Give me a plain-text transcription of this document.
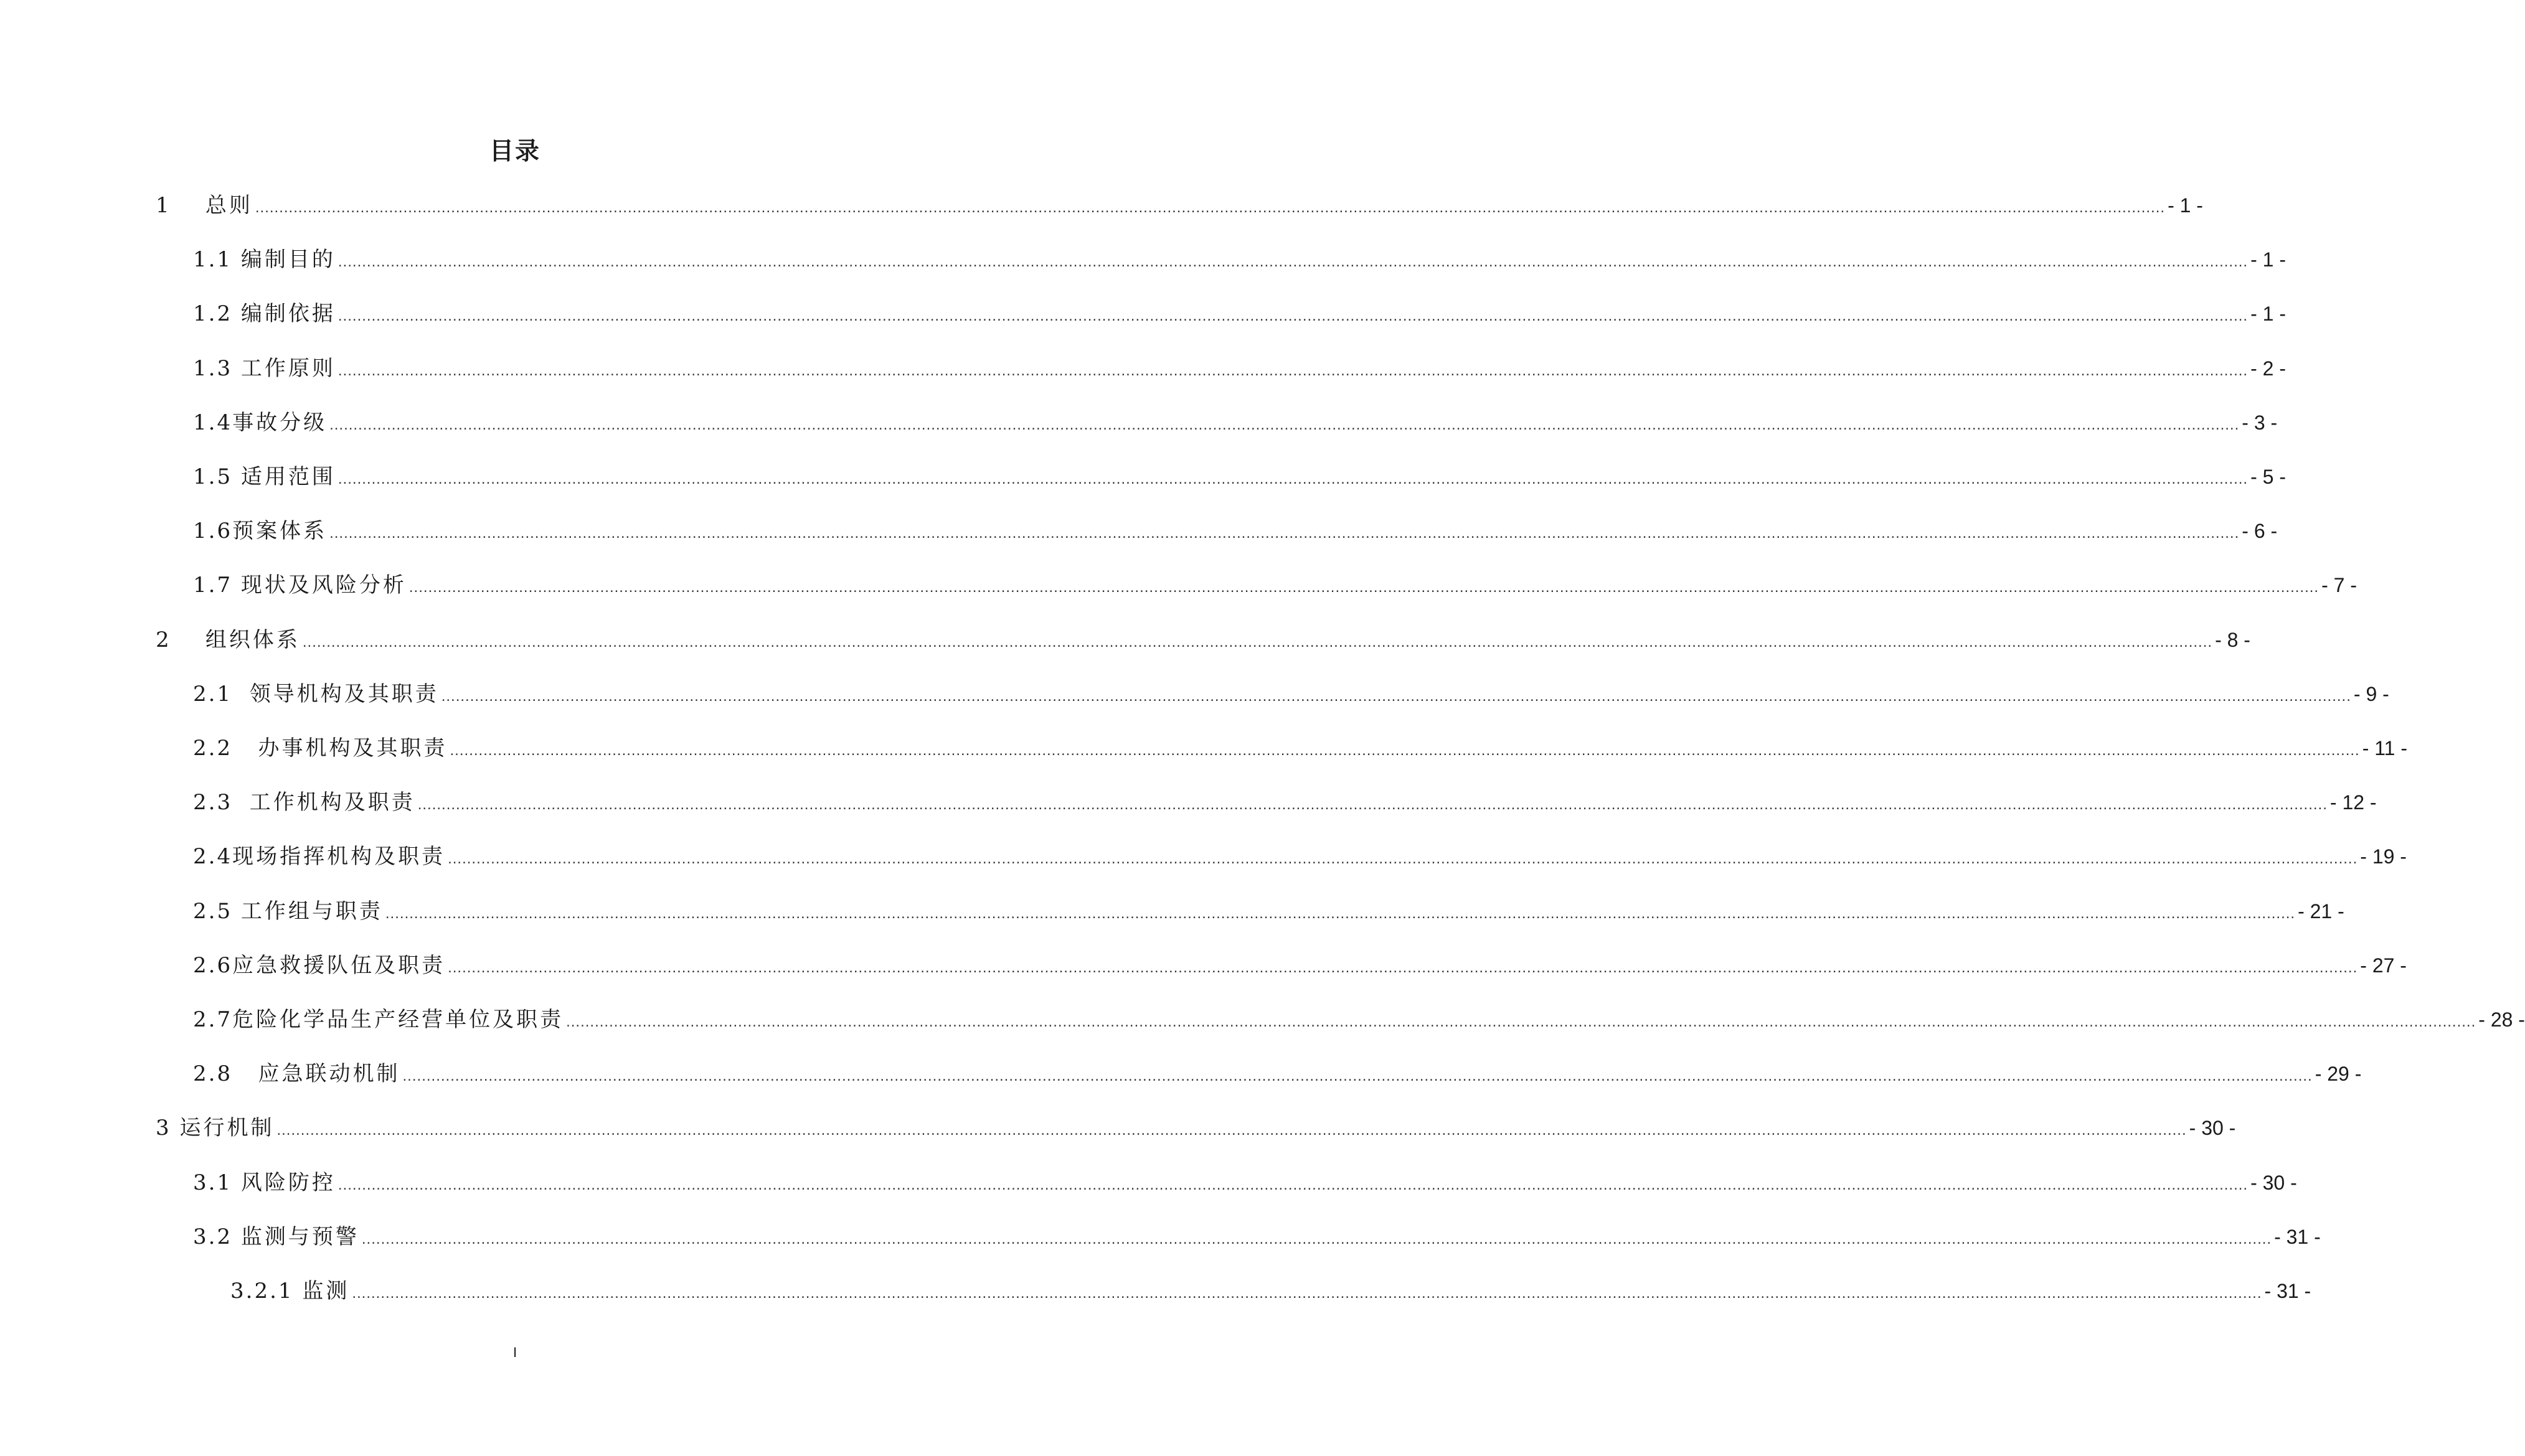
目录
1
总则 ................................................................................................................................................................................................................................................................................................................................................................................................................ - 1 -
1.1
编制目的 ................................................................................................................................................................................................................................................................................................................................................................................................................ - 1 -
1.2
编制依据 ................................................................................................................................................................................................................................................................................................................................................................................................................ - 1 -
1.3
工作原则 ................................................................................................................................................................................................................................................................................................................................................................................................................ - 2 -
1.4 事故分级 ................................................................................................................................................................................................................................................................................................................................................................................................................ - 3 -
1.5
适用范围 ................................................................................................................................................................................................................................................................................................................................................................................................................ - 5 -
1.6 预案体系 ................................................................................................................................................................................................................................................................................................................................................................................................................ - 6 -
1.7
现状及风险分析 ................................................................................................................................................................................................................................................................................................................................................................................................................ - 7 -
2
组织体系 ................................................................................................................................................................................................................................................................................................................................................................................................................ - 8 -
2.1
领导机构及其职责 ................................................................................................................................................................................................................................................................................................................................................................................................................ - 9 -
2.2
办事机构及其职责 ................................................................................................................................................................................................................................................................................................................................................................................................................ - 11 -
2.3
工作机构及职责 ................................................................................................................................................................................................................................................................................................................................................................................................................ - 12 -
2.4 现场指挥机构及职责 ................................................................................................................................................................................................................................................................................................................................................................................................................ - 19 -
2.5
工作组与职责 ................................................................................................................................................................................................................................................................................................................................................................................................................ - 21 -
2.6 应急救援队伍及职责 ................................................................................................................................................................................................................................................................................................................................................................................................................ - 27 -
2.7 危险化学品生产经营单位及职责 ................................................................................................................................................................................................................................................................................................................................................................................................................ - 28 -
2.8
应急联动机制 ................................................................................................................................................................................................................................................................................................................................................................................................................ - 29 -
3
运行机制 ................................................................................................................................................................................................................................................................................................................................................................................................................ - 30 -
3.1
风险防控 ................................................................................................................................................................................................................................................................................................................................................................................................................ - 30 -
3.2
监测与预警 ................................................................................................................................................................................................................................................................................................................................................................................................................ - 31 -
3.2.1
监测 ................................................................................................................................................................................................................................................................................................................................................................................................................ - 31 -
I
